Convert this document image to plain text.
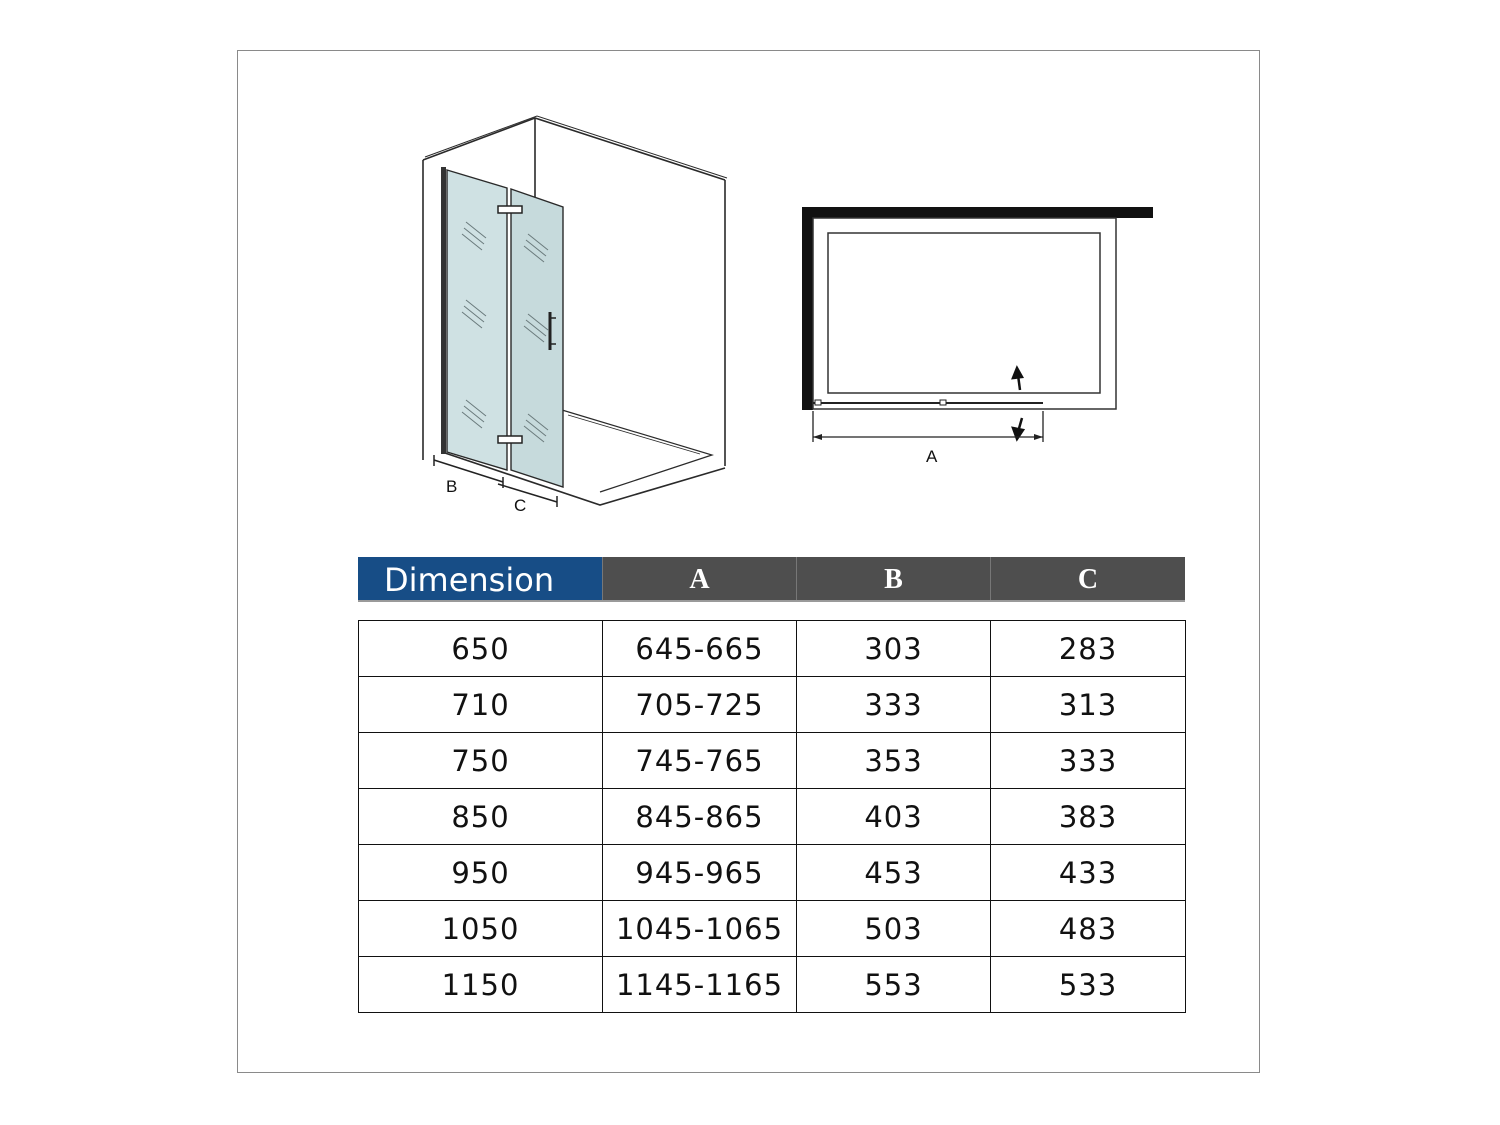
A
B
C
Dimension	A	B	C
650	645-665	303	283
710	705-725	333	313
750	745-765	353	333
850	845-865	403	383
950	945-965	453	433
1050	1045-1065	503	483
1150	1145-1165	553	533
